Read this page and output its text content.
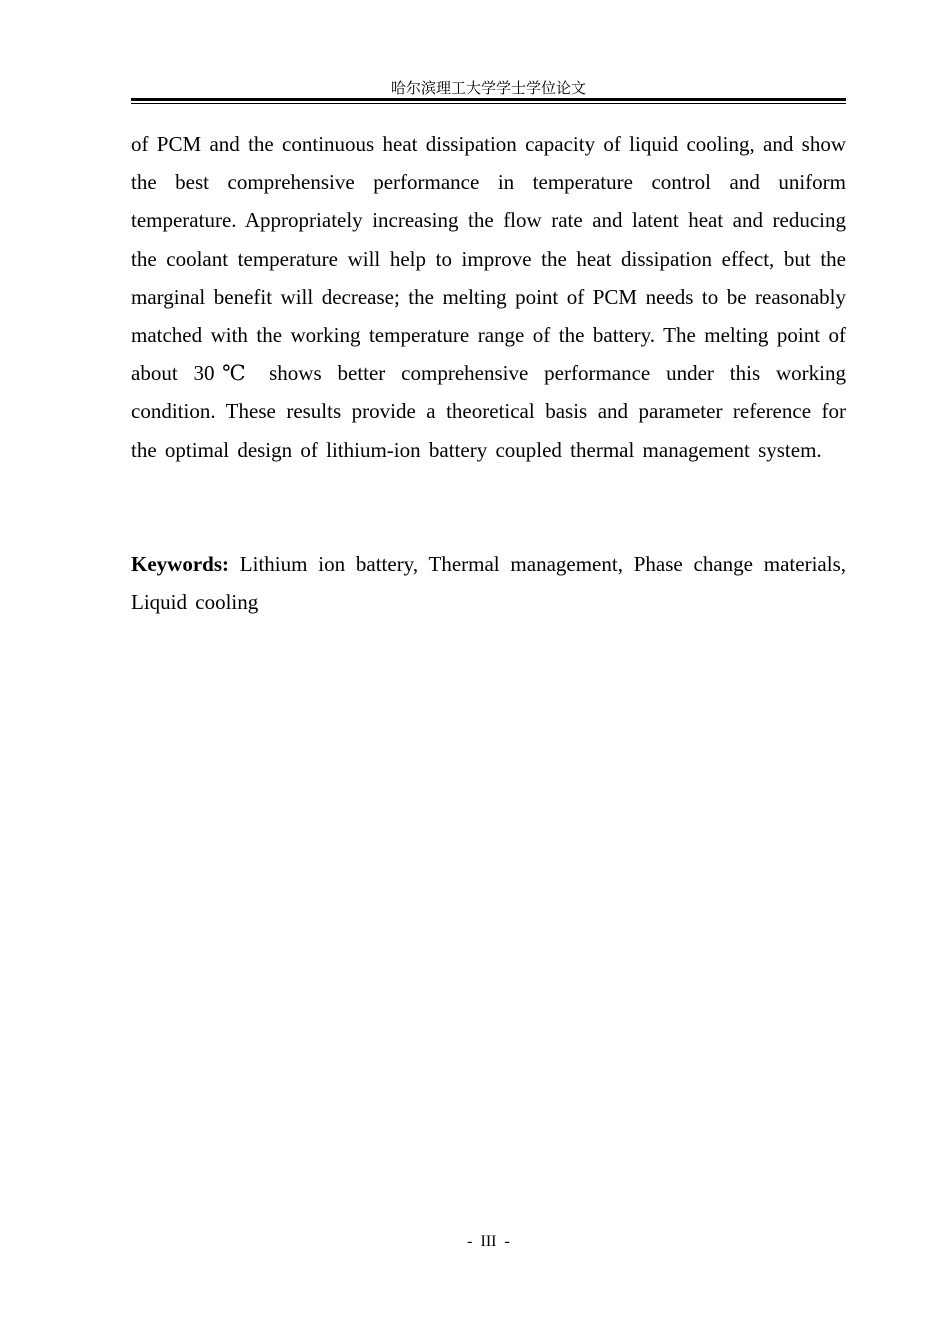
哈尔滨理工大学学士学位论文

of PCM and the continuous heat dissipation capacity of liquid cooling, and show the best comprehensive performance in temperature control and uniform temperature. Appropriately increasing the flow rate and latent heat and reducing the coolant temperature will help to improve the heat dissipation effect, but the marginal benefit will decrease; the melting point of PCM needs to be reasonably matched with the working temperature range of the battery. The melting point of about 30℃ shows better comprehensive performance under this working condition. These results provide a theoretical basis and parameter reference for the optimal design of lithium-ion battery coupled thermal management system.

Keywords: Lithium ion battery, Thermal management, Phase change materials, Liquid cooling

- III -
